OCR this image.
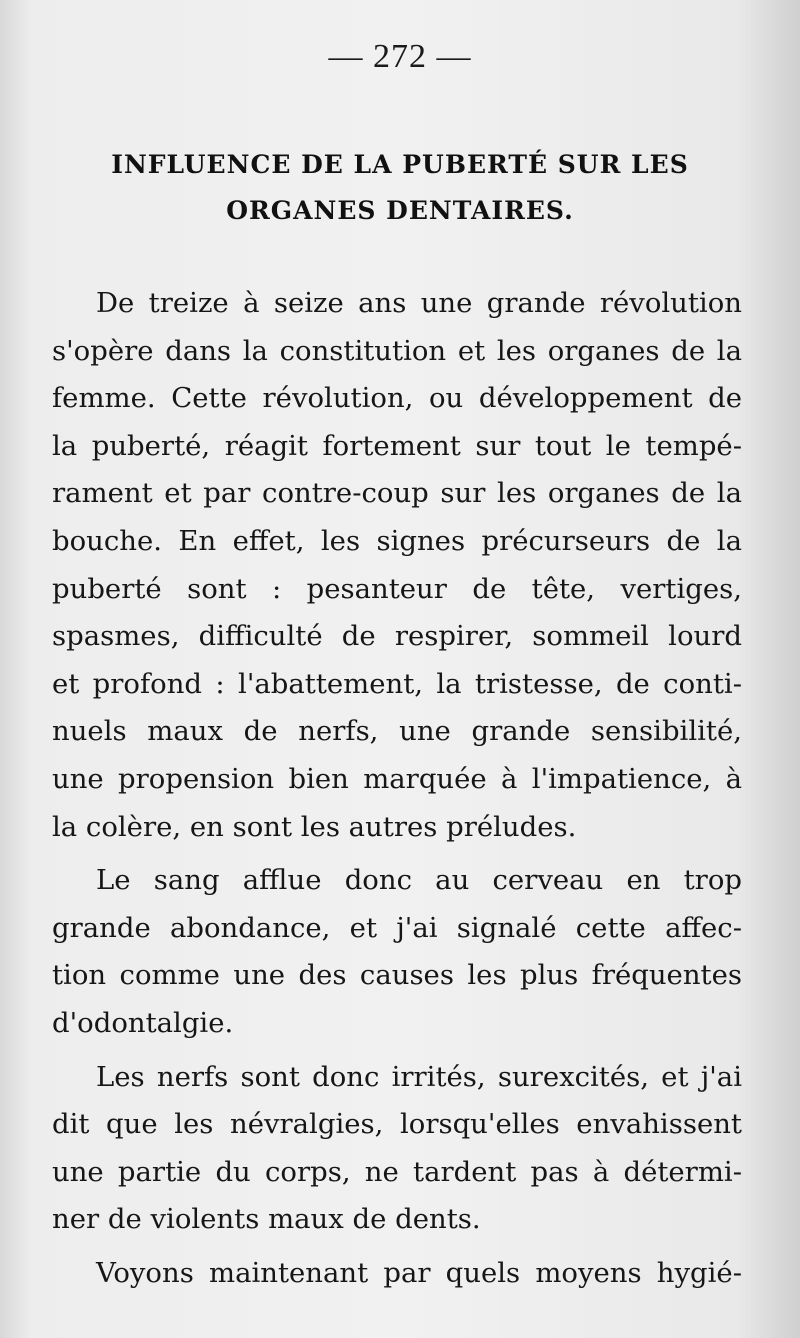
— 272 —
INFLUENCE DE LA PUBERTÉ SUR LES
ORGANES DENTAIRES.
De treize à seize ans une grande révolution
s'opère dans la constitution et les organes de la
femme. Cette révolution, ou développement de
la puberté, réagit fortement sur tout le tempé-
rament et par contre-coup sur les organes de la
bouche. En effet, les signes précurseurs de la
puberté sont : pesanteur de tête, vertiges,
spasmes, difficulté de respirer, sommeil lourd
et profond : l'abattement, la tristesse, de conti-
nuels maux de nerfs, une grande sensibilité,
une propension bien marquée à l'impatience, à
la colère, en sont les autres préludes.
Le sang afflue donc au cerveau en trop
grande abondance, et j'ai signalé cette affec-
tion comme une des causes les plus fréquentes
d'odontalgie.
Les nerfs sont donc irrités, surexcités, et j'ai
dit que les névralgies, lorsqu'elles envahissent
une partie du corps, ne tardent pas à détermi-
ner de violents maux de dents.
Voyons maintenant par quels moyens hygié-
